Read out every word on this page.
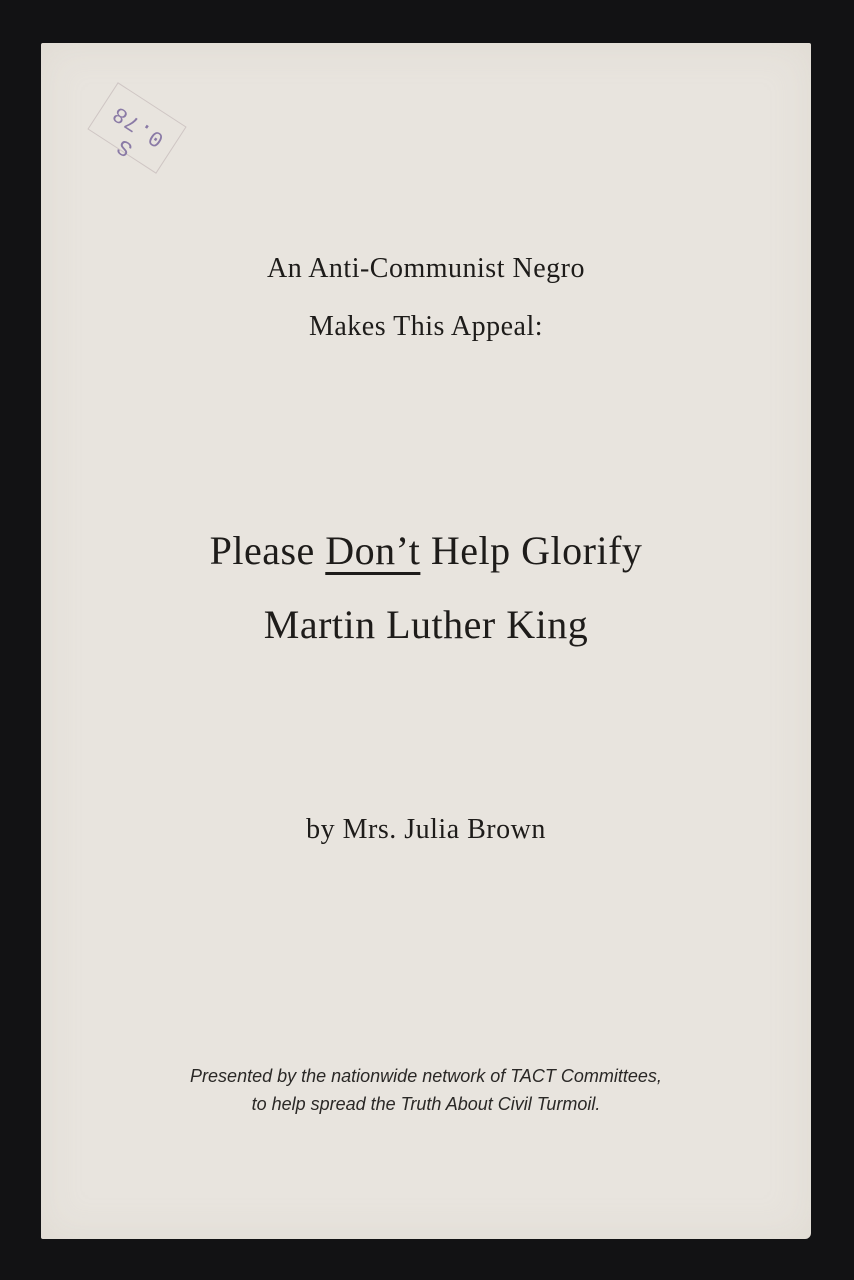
S 0.78
An Anti-Communist Negro
Makes This Appeal:
Please Don’t Help Glorify
Martin Luther King
by Mrs. Julia Brown
Presented by the nationwide network of TACT Committees,
to help spread the Truth About Civil Turmoil.
